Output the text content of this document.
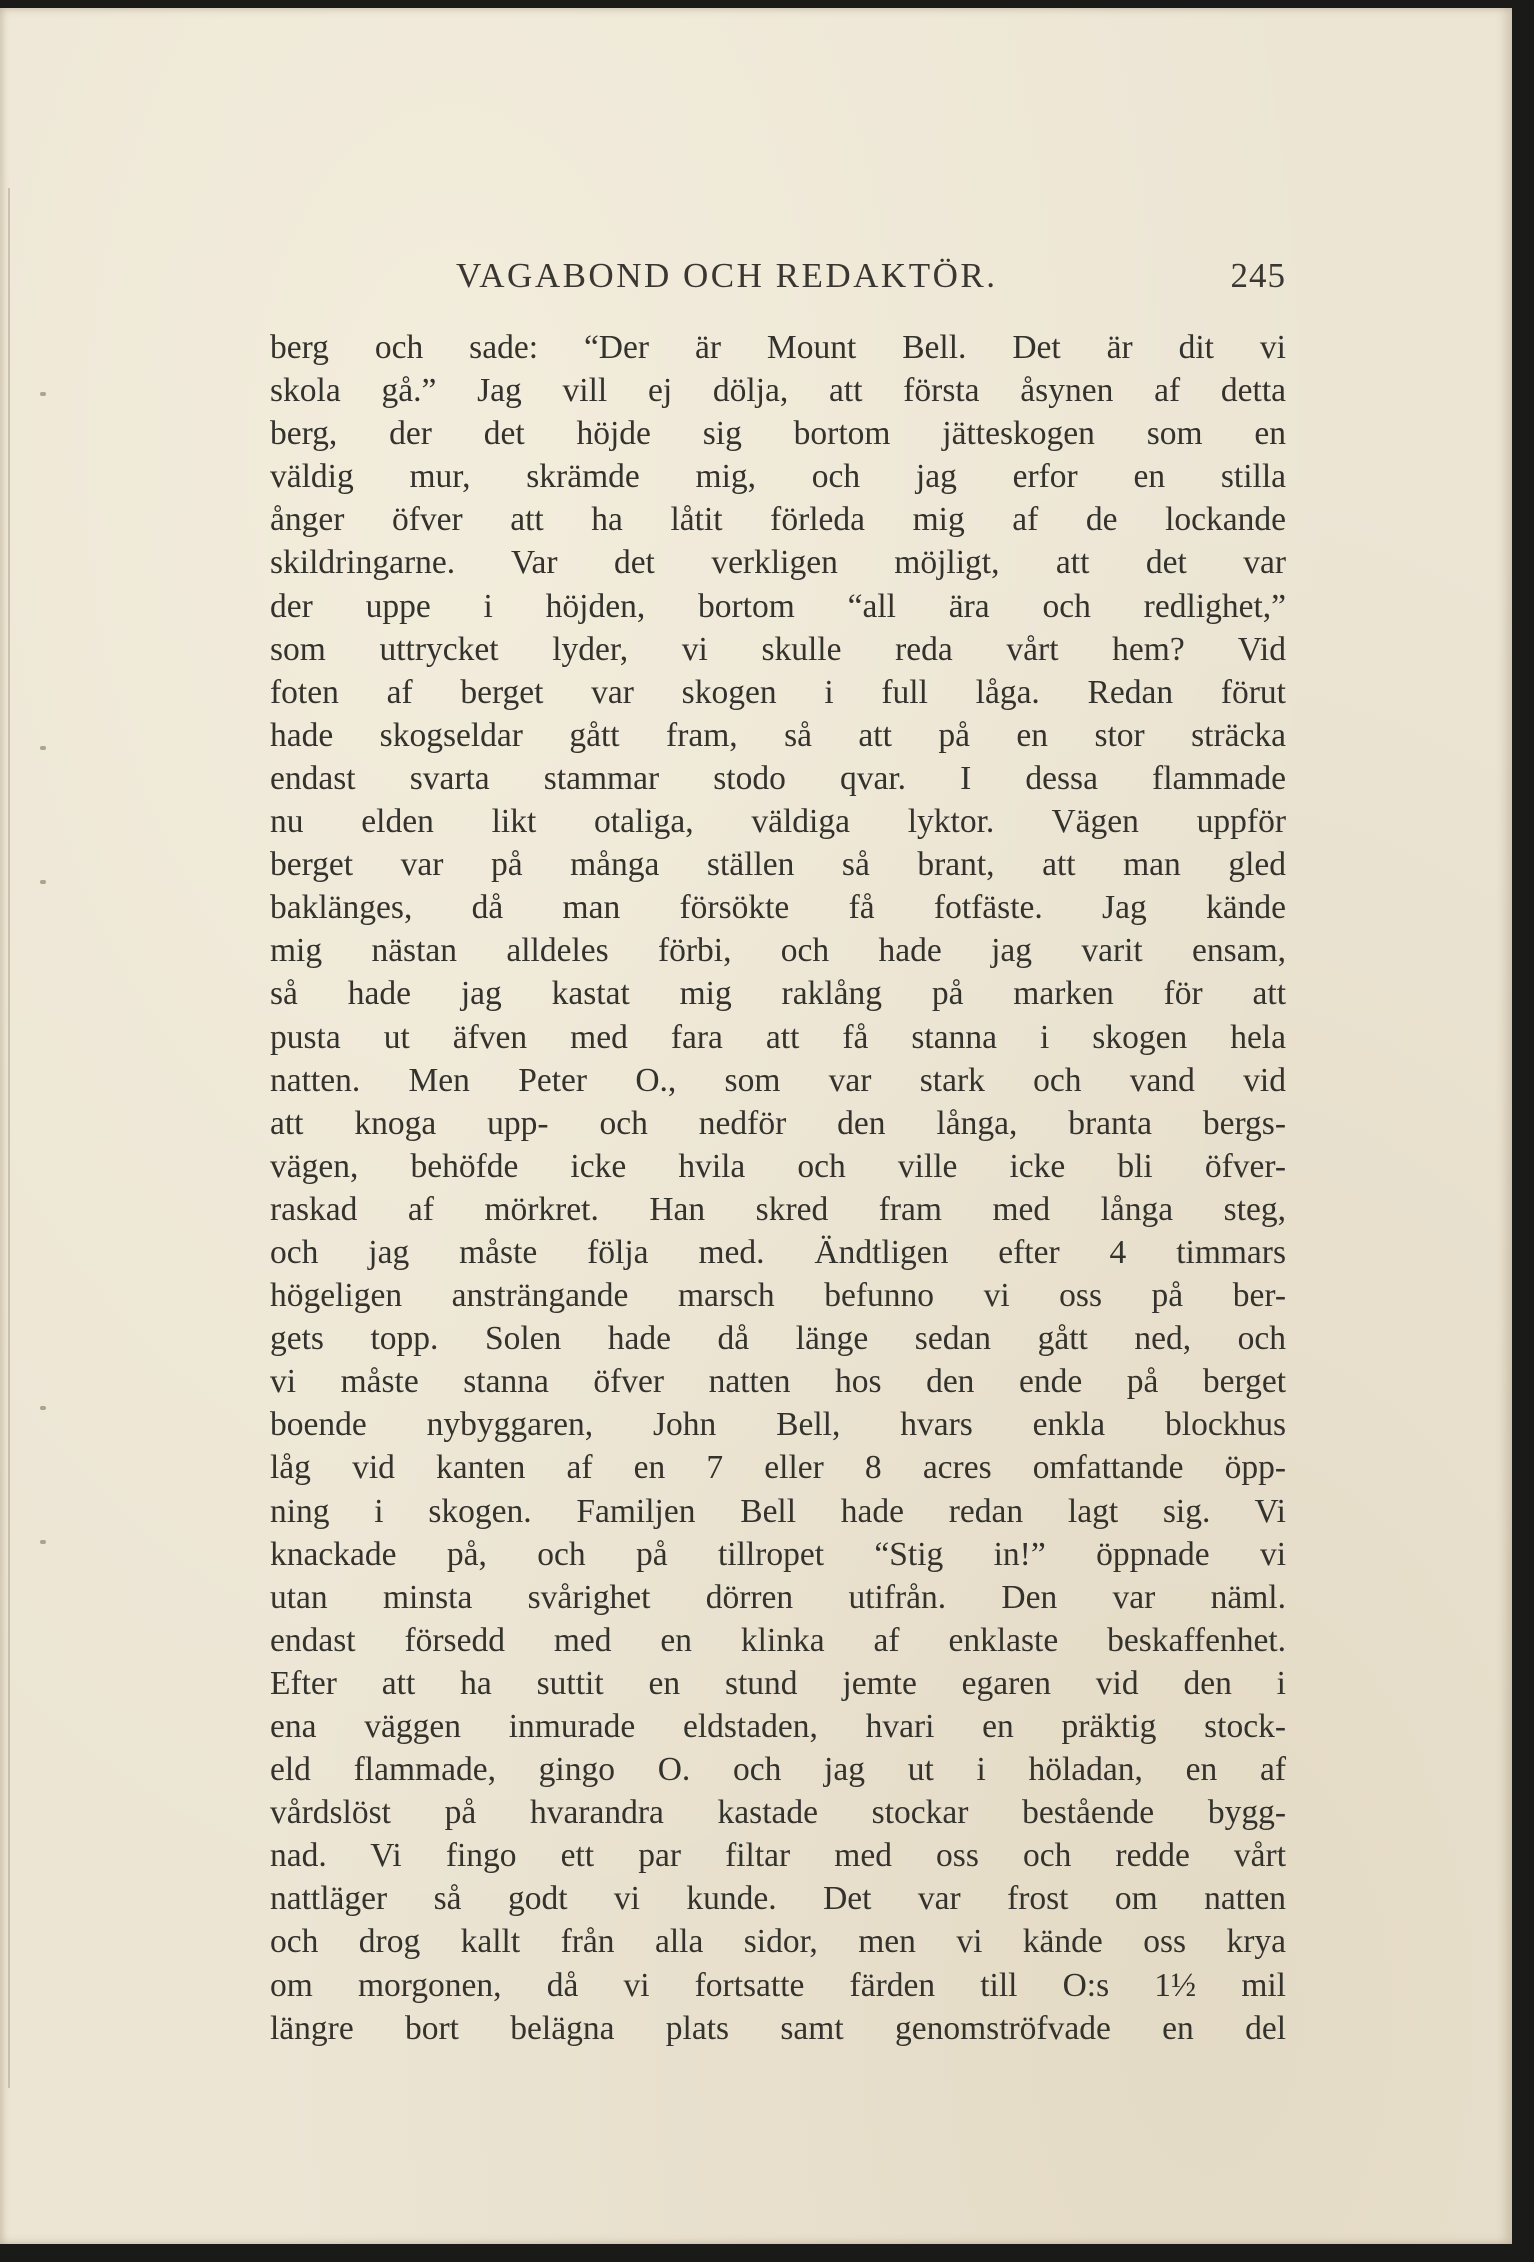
VAGABOND OCH REDAKTÖR.	245
berg och sade: “Der är Mount Bell. Det är dit vi
skola gå.” Jag vill ej dölja, att första åsynen af detta
berg, der det höjde sig bortom jätteskogen som en
väldig mur, skrämde mig, och jag erfor en stilla
ånger öfver att ha låtit förleda mig af de lockande
skildringarne. Var det verkligen möjligt, att det var
der uppe i höjden, bortom “all ära och redlighet,”
som uttrycket lyder, vi skulle reda vårt hem? Vid
foten af berget var skogen i full låga. Redan förut
hade skogseldar gått fram, så att på en stor sträcka
endast svarta stammar stodo qvar. I dessa flammade
nu elden likt otaliga, väldiga lyktor. Vägen uppför
berget var på många ställen så brant, att man gled
baklänges, då man försökte få fotfäste. Jag kände
mig nästan alldeles förbi, och hade jag varit ensam,
så hade jag kastat mig raklång på marken för att
pusta ut äfven med fara att få stanna i skogen hela
natten. Men Peter O., som var stark och vand vid
att knoga upp- och nedför den långa, branta bergs-
vägen, behöfde icke hvila och ville icke bli öfver-
raskad af mörkret. Han skred fram med långa steg,
och jag måste följa med. Ändtligen efter 4 timmars
högeligen ansträngande marsch befunno vi oss på ber-
gets topp. Solen hade då länge sedan gått ned, och
vi måste stanna öfver natten hos den ende på berget
boende nybyggaren, John Bell, hvars enkla blockhus
låg vid kanten af en 7 eller 8 acres omfattande öpp-
ning i skogen. Familjen Bell hade redan lagt sig. Vi
knackade på, och på tillropet “Stig in!” öppnade vi
utan minsta svårighet dörren utifrån. Den var näml.
endast försedd med en klinka af enklaste beskaffenhet.
Efter att ha suttit en stund jemte egaren vid den i
ena väggen inmurade eldstaden, hvari en präktig stock-
eld flammade, gingo O. och jag ut i höladan, en af
vårdslöst på hvarandra kastade stockar bestående bygg-
nad. Vi fingo ett par filtar med oss och redde vårt
nattläger så godt vi kunde. Det var frost om natten
och drog kallt från alla sidor, men vi kände oss krya
om morgonen, då vi fortsatte färden till O:s 1½ mil
längre bort belägna plats samt genomströfvade en del
